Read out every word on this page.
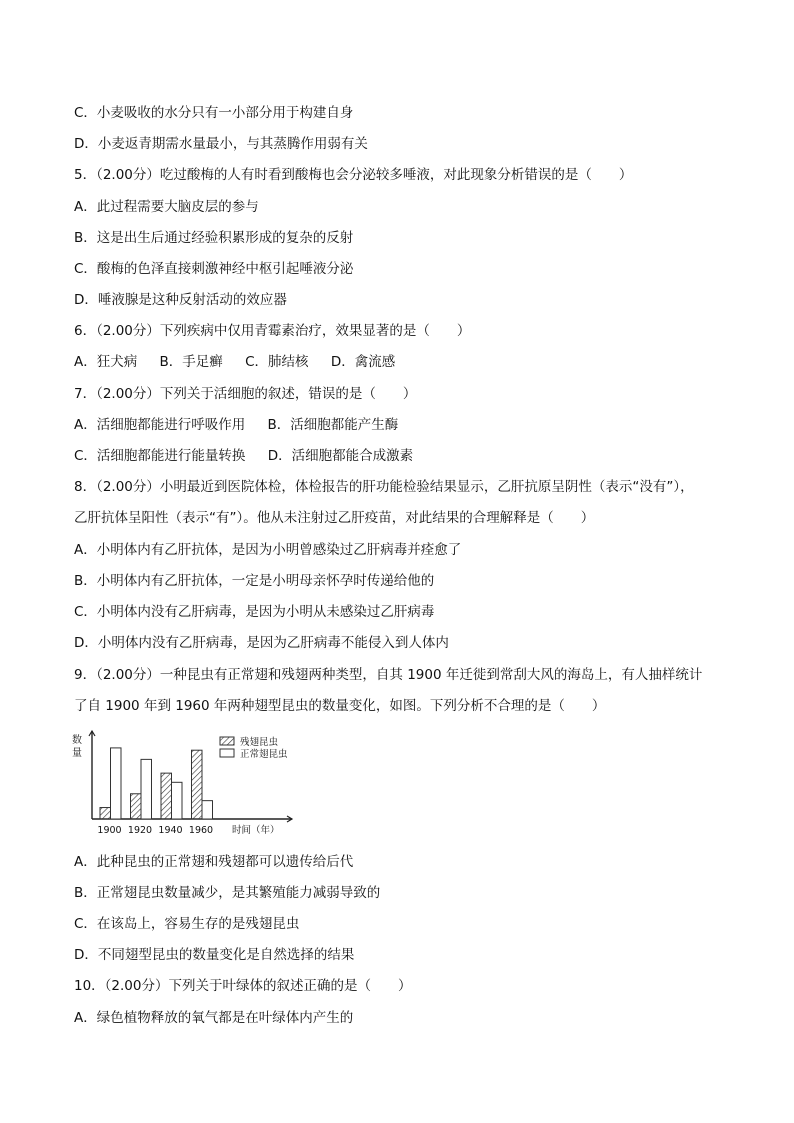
C．小麦吸收的水分只有一小部分用于构建自身
D．小麦返青期需水量最小，与其蒸腾作用弱有关
5．（2.00分）吃过酸梅的人有时看到酸梅也会分泌较多唾液，对此现象分析错误的是（　　）
A．此过程需要大脑皮层的参与
B．这是出生后通过经验积累形成的复杂的反射
C．酸梅的色泽直接刺激神经中枢引起唾液分泌
D．唾液腺是这种反射活动的效应器
6．（2.00分）下列疾病中仅用青霉素治疗，效果显著的是（　　）
A．狂犬病 B．手足癣 C．肺结核 D．禽流感
7．（2.00分）下列关于活细胞的叙述，错误的是（　　）
A．活细胞都能进行呼吸作用 B．活细胞都能产生酶
C．活细胞都能进行能量转换 D．活细胞都能合成激素
8．（2.00分）小明最近到医院体检，体检报告的肝功能检验结果显示，乙肝抗原呈阴性（表示“没有”），
乙肝抗体呈阳性（表示“有”）。他从未注射过乙肝疫苗，对此结果的合理解释是（　　）
A．小明体内有乙肝抗体，是因为小明曾感染过乙肝病毒并痊愈了
B．小明体内有乙肝抗体，一定是小明母亲怀孕时传递给他的
C．小明体内没有乙肝病毒，是因为小明从未感染过乙肝病毒
D．小明体内没有乙肝病毒，是因为乙肝病毒不能侵入到人体内
9．（2.00分）一种昆虫有正常翅和残翅两种类型，自其 1900 年迁徙到常刮大风的海岛上，有人抽样统计
了自 1900 年到 1960 年两种翅型昆虫的数量变化，如图。下列分析不合理的是（　　）
数
量
时间（年）
1900 1920 1940 1960
残翅昆虫
正常翅昆虫
A．此种昆虫的正常翅和残翅都可以遗传给后代
B．正常翅昆虫数量减少，是其繁殖能力减弱导致的
C．在该岛上，容易生存的是残翅昆虫
D．不同翅型昆虫的数量变化是自然选择的结果
10．（2.00分）下列关于叶绿体的叙述正确的是（　　）
A．绿色植物释放的氧气都是在叶绿体内产生的
